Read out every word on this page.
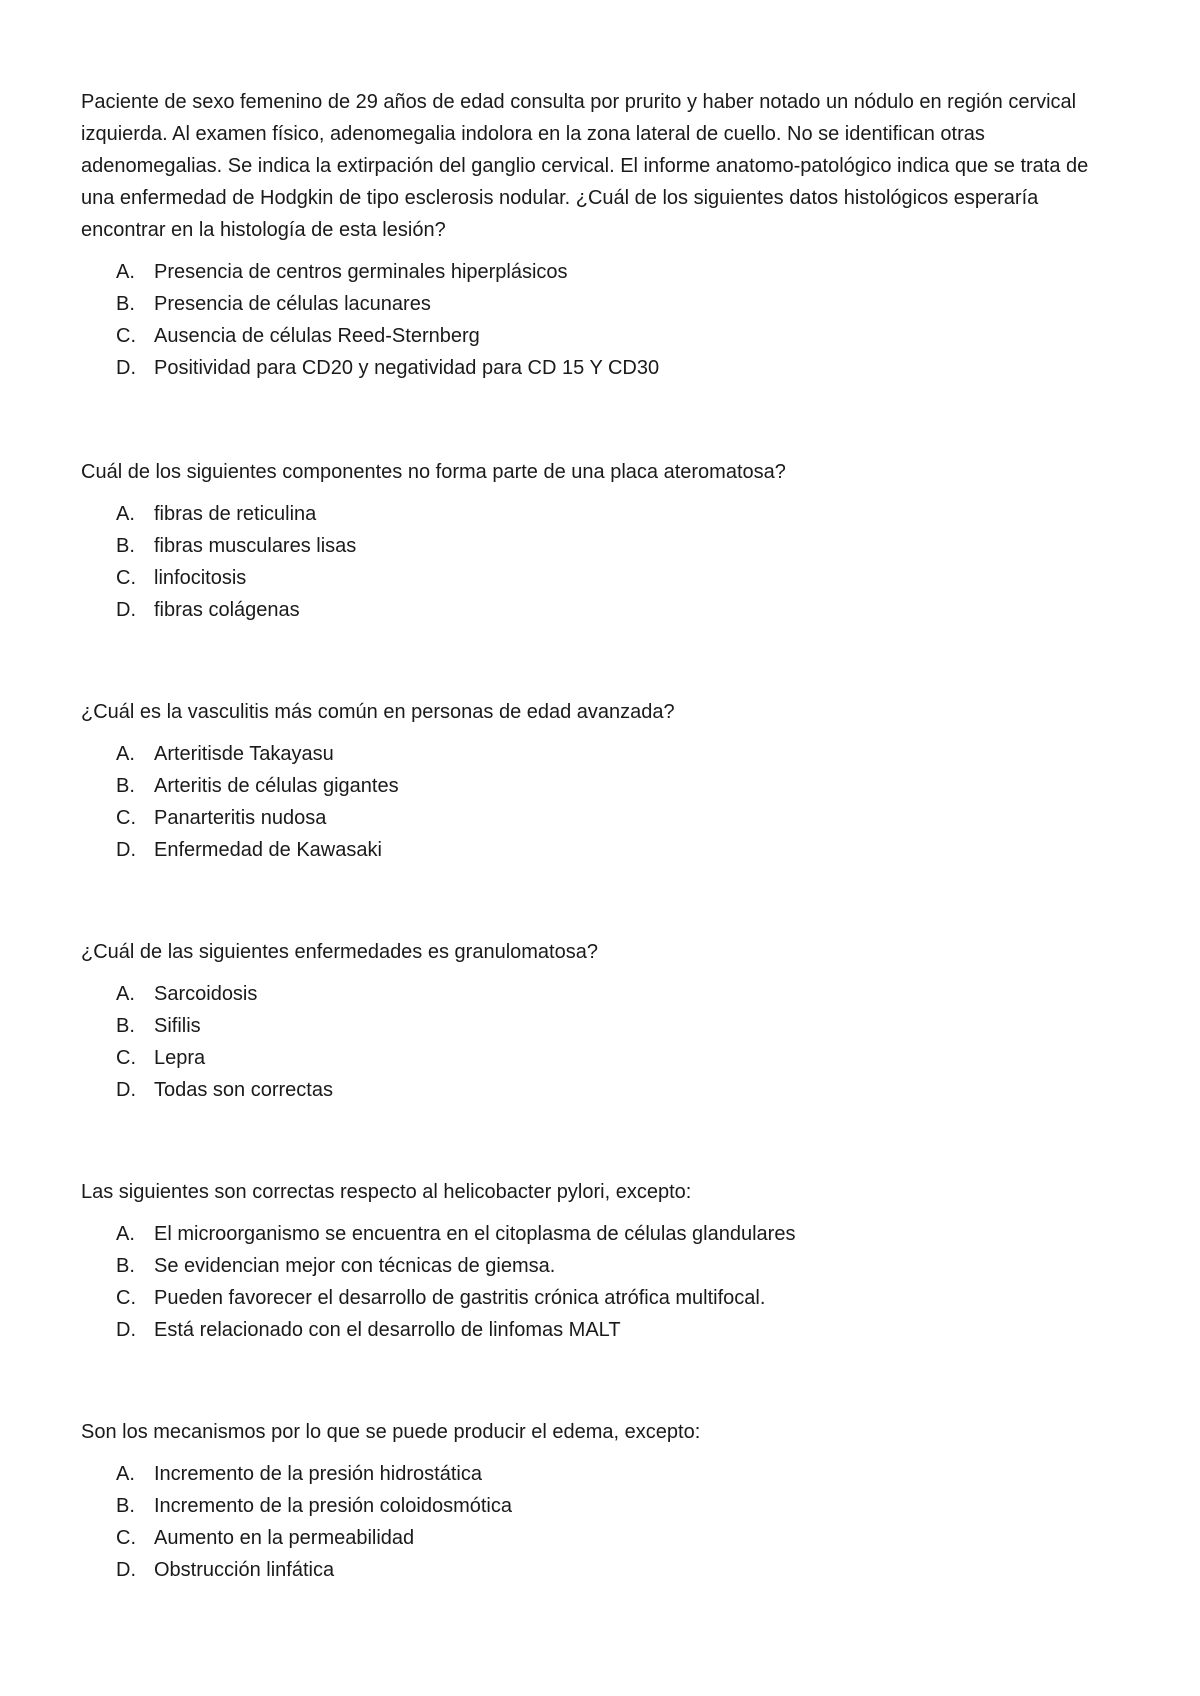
Paciente de sexo femenino de 29 años de edad consulta por prurito y haber notado un nódulo en región cervical izquierda. Al examen físico, adenomegalia indolora en la zona lateral de cuello. No se identifican otras adenomegalias. Se indica la extirpación del ganglio cervical. El informe anatomo-patológico indica que se trata de una enfermedad de Hodgkin de tipo esclerosis nodular. ¿Cuál de los siguientes datos histológicos esperaría encontrar en la histología de esta lesión?

A. Presencia de centros germinales hiperplásicos
B. Presencia de células lacunares
C. Ausencia de células Reed-Sternberg
D. Positividad para CD20 y negatividad para CD 15 Y CD30

Cuál de los siguientes componentes no forma parte de una placa ateromatosa?

A. fibras de reticulina
B. fibras musculares lisas
C. linfocitosis
D. fibras colágenas

¿Cuál es la vasculitis más común en personas de edad avanzada?

A. Arteritisde Takayasu
B. Arteritis de células gigantes
C. Panarteritis nudosa
D. Enfermedad de Kawasaki

¿Cuál de las siguientes enfermedades es granulomatosa?

A. Sarcoidosis
B. Sifilis
C. Lepra
D. Todas son correctas

Las siguientes son correctas respecto al helicobacter pylori, excepto:

A. El microorganismo se encuentra en el citoplasma de células glandulares
B. Se evidencian mejor con técnicas de giemsa.
C. Pueden favorecer el desarrollo de gastritis crónica atrófica multifocal.
D. Está relacionado con el desarrollo de linfomas MALT

Son los mecanismos por lo que se puede producir el edema, excepto:

A. Incremento de la presión hidrostática
B. Incremento de la presión coloidosmótica
C. Aumento en la permeabilidad
D. Obstrucción linfática
